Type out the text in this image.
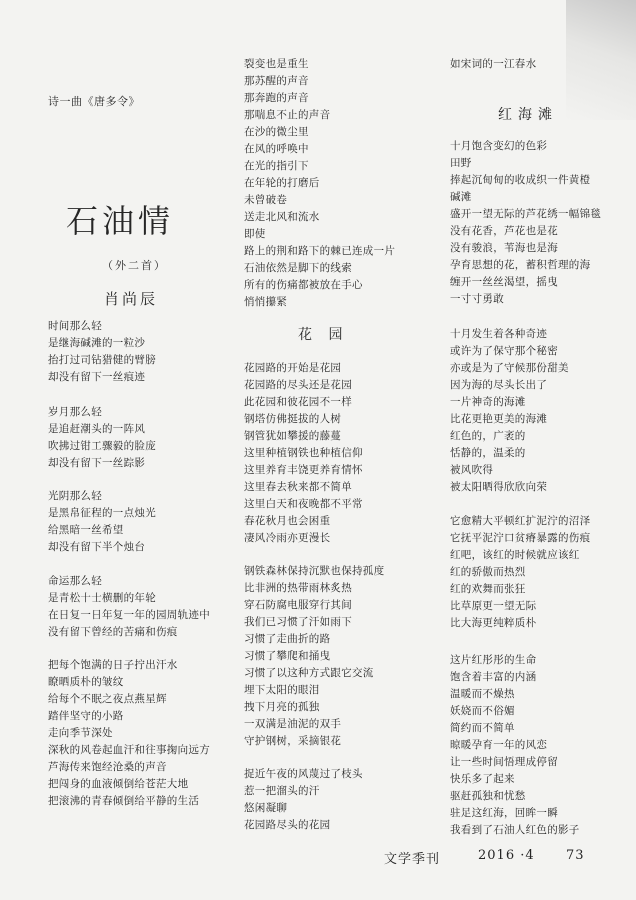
诗一曲《唐多令》
石油情
（外二首）
肖尚辰
文学季刊	2016 ·4 73
时间那么轻
是继海碱滩的一粒沙
抬打过司钻猎健的臂膀
却没有留下一丝痕迹
岁月那么轻
是追赶潮头的一阵风
吹拂过钳工骤毅的脸庞
却没有留下一丝踪影
光阴那么轻
是黑帛征程的一点烛光
给黑暗一丝希望
却没有留下半个烛台
命运那么轻
是青松十士横删的年轮
在日复一日年复一年的园周轨迹中
没有留下曾经的苦痛和伤痕
把每个饱满的日子拧出汗水
瞭晒质朴的皱纹
给每个不眠之夜点燕星辉
踏伴坚守的小路
走向季节深处
深秋的风卷起血汗和往事掬向远方
芦海传来饱经沧桑的声音
把闯身的血液倾倒给苍茫大地
把滚沸的青春倾倒给平静的生活
裂变也是重生
那苏醒的声音
那奔跑的声音
那喘息不止的声音
在沙的微尘里
在风的呼唤中
在光的指引下
在年轮的打磨后
未曾破卷
送走北风和流水
即使
路上的荆和路下的棘已连成一片
石油依然是脚下的线索
所有的伤痛都被放在手心
悄悄攥紧
花 园
花园路的开始是花园
花园路的尽头还是花园
此花园和彼花园不一样
钢塔仿佛挺拔的人树
钢管犹如攀援的藤蔓
这里种植钢铁也种植信仰
这里养育丰饶更养育情怀
这里春去秋来都不简单
这里白天和夜晚都不平常
春花秋月也会困重
凄风冷雨亦更漫长
钢铁森林保持沉默也保持孤度
比非洲的热带雨林炙热
穿石防腐电服穿行其间
我们已习惯了汗如雨下
习惯了走曲折的路
习惯了攀爬和捅曳
习惯了以这种方式跟它交流
埋下太阳的眼泪
拽下月亮的孤独
一双满是油泥的双手
守护钢树，采摘银花
捉近午夜的风蔑过了枝头
惹一把溜头的汗
悠闲凝聊
花园路尽头的花园
如宋词的一江春水
红海滩
十月饱含变幻的色彩
田野
捧起沉甸甸的收成织一件黄橙
碱滩
盛开一望无际的芦花绣一幅锦毯
没有花香，芦花也是花
没有骏浪，苇海也是海
孕育思想的花，蓄积哲理的海
缠开一丝丝渴望，摇曳
一寸寸勇敢
十月发生着各种奇迹
或许为了保守那个秘密
亦或是为了守候那份甜美
因为海的尽头长出了
一片神奇的海滩
比花更艳更美的海滩
红色的，广袤的
恬静的，温柔的
被风吹得
被太阳晒得欣欣向荣
它愈精大平顿红扩泥泞的沼泽
它抚平泥泞口贫瘠暴露的伤痕
红吧，该红的时候就应该红
红的骄傲而热烈
红的欢舞而张狂
比草原更一望无际
比大海更纯粹质朴
这片红彤彤的生命
饱含着丰富的内涵
温暖而不燥热
妖娆而不俗媚
简约而不简单
晾暖孕育一年的风恋
让一些时间悟理成停留
快乐多了起来
驱赶孤独和忧愁
驻足这红海，回眸一瞬
我看到了石油人红色的影子
